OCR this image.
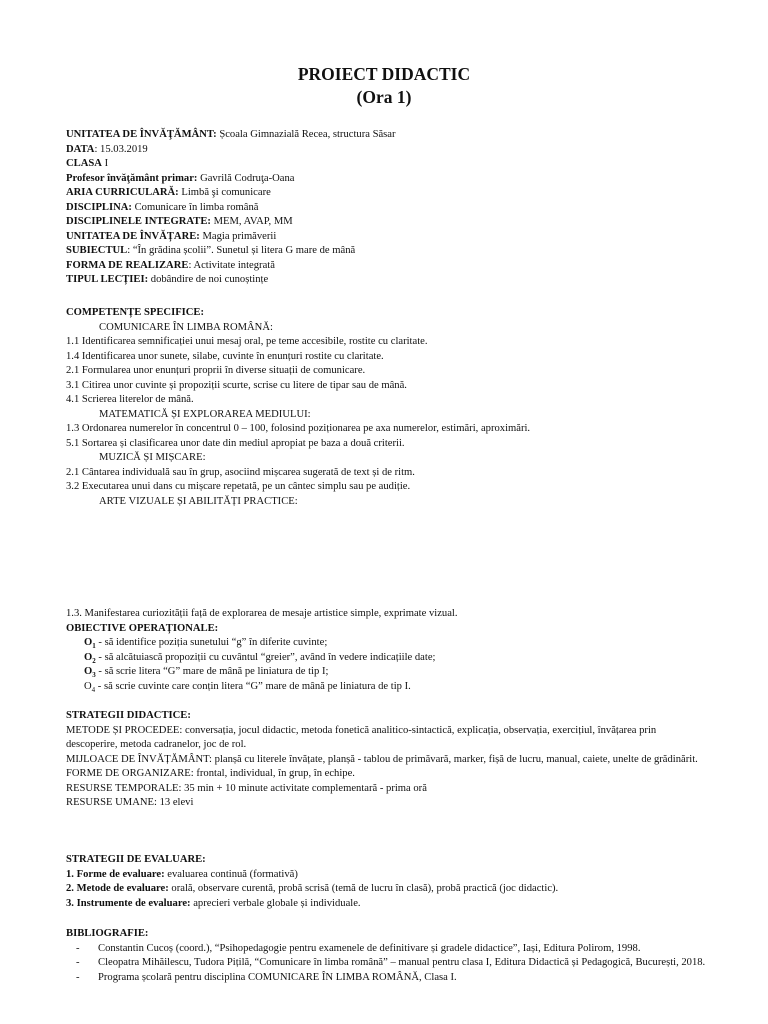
PROIECT DIDACTIC
(Ora 1)
UNITATEA DE ÎNVĂŢĂMÂNT: Școala Gimnazială Recea, structura Săsar
DATA: 15.03.2019
CLASA I
Profesor învăţământ primar: Gavrilă Codruţa-Oana
ARIA CURRICULARĂ: Limbă şi comunicare
DISCIPLINA: Comunicare în limba română
DISCIPLINELE INTEGRATE: MEM, AVAP, MM
UNITATEA DE ÎNVĂȚARE: Magia primăverii
SUBIECTUL: “În grădina școlii”. Sunetul și litera G mare de mână
FORMA DE REALIZARE: Activitate integrată
TIPUL LECȚIEI: dobândire de noi cunoștințe
COMPETENȚE SPECIFICE:
COMUNICARE ÎN LIMBA ROMÂNĂ:
1.1 Identificarea semnificației unui mesaj oral, pe teme accesibile, rostite cu claritate.
1.4 Identificarea unor sunete, silabe, cuvinte în enunțuri rostite cu claritate.
2.1 Formularea unor enunțuri proprii în diverse situații de comunicare.
3.1 Citirea unor cuvinte și propoziții scurte, scrise cu litere de tipar sau de mână.
4.1 Scrierea literelor de mână.
MATEMATICĂ ȘI EXPLORAREA MEDIULUI:
1.3 Ordonarea numerelor în concentrul 0 – 100, folosind poziționarea pe axa numerelor, estimări, aproximări.
5.1 Sortarea și clasificarea unor date din mediul apropiat pe baza a două criterii.
MUZICĂ ȘI MIȘCARE:
2.1 Cântarea individuală sau în grup, asociind mișcarea sugerată de text și de ritm.
3.2 Executarea unui dans cu mișcare repetată, pe un cântec simplu sau pe audiție.
ARTE VIZUALE ȘI ABILITĂȚI PRACTICE:
1.3. Manifestarea curiozității față de explorarea de mesaje artistice simple, exprimate vizual.
OBIECTIVE OPERAȚIONALE:
$O_1$ - să identifice poziția sunetului “g” în diferite cuvinte;
$O_2$ - să alcătuiască propoziții cu cuvântul “greier”, având în vedere indicațiile date;
$O_3$ - să scrie litera “G” mare de mână pe liniatura de tip I;
$O_4$ - să scrie cuvinte care conțin litera “G” mare de mână pe liniatura de tip I.
STRATEGII DIDACTICE:
METODE ȘI PROCEDEE: conversația, jocul didactic, metoda fonetică analitico-sintactică, explicația, observația, exercițiul, învățarea prin descoperire, metoda cadranelor, joc de rol.
MIJLOACE DE ÎNVĂȚĂMÂNT: planșă cu literele învățate, planșă - tablou de primăvară, marker, fișă de lucru, manual, caiete, unelte de grădinărit.
FORME DE ORGANIZARE: frontal, individual, în grup, în echipe.
RESURSE TEMPORALE: 35 min + 10 minute activitate complementară - prima oră
RESURSE UMANE: 13 elevi
STRATEGII DE EVALUARE:
1. Forme de evaluare: evaluarea continuă (formativă)
2. Metode de evaluare: orală, observare curentă, probă scrisă (temă de lucru în clasă), probă practică (joc didactic).
3. Instrumente de evaluare: aprecieri verbale globale și individuale.
BIBLIOGRAFIE:
-	Constantin Cucoș (coord.), “Psihopedagogie pentru examenele de definitivare și gradele didactice”, Iași, Editura Polirom, 1998.
-	Cleopatra Mihăilescu, Tudora Pițilă, “Comunicare în limba română” – manual pentru clasa I, Editura Didactică și Pedagogică, București, 2018.
-	Programa școlară pentru disciplina COMUNICARE ÎN LIMBA ROMÂNĂ, Clasa I.
